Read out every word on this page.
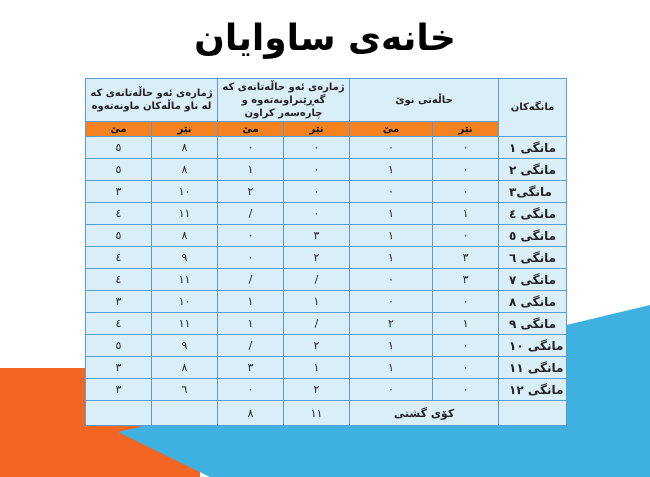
خانەی ساوایان
ژمارەی ئەو حاڵەتانەی کە لە ناو ماڵەکان ماونەتەوە		ژمارەی ئەو حاڵەتانەی کە گەڕێنراونەتەوە و چارەسەر کراون		حاڵەتی نوێ		مانگەکان
مێ	نێر	مێ	نێر	مێ	نێر	
٥	٨	٠	٠	٠	٠	مانگی ١
٥	٨	١	٠	١	٠	مانگی ٢
٣	١٠	٢	٠	٠	٠	مانگی٣
٤	١١	/	٠	١	١	مانگی ٤
٥	٨	٠	٣	١	٠	مانگی ٥
٤	٩	٠	٢	١	٣	مانگی ٦
٤	١١	/	/	٠	٣	مانگی ٧
٣	١٠	١	١	٠	٠	مانگی ٨
٤	١١	١	/	٢	١	مانگی ٩
٥	٩	/	٢	١	٠	مانگی ١٠
٣	٨	٣	١	١	٠	مانگی ١١
٣	٦	٠	٢	٠	٠	مانگی ١٢
		٨	١١	کۆی گشتی		
